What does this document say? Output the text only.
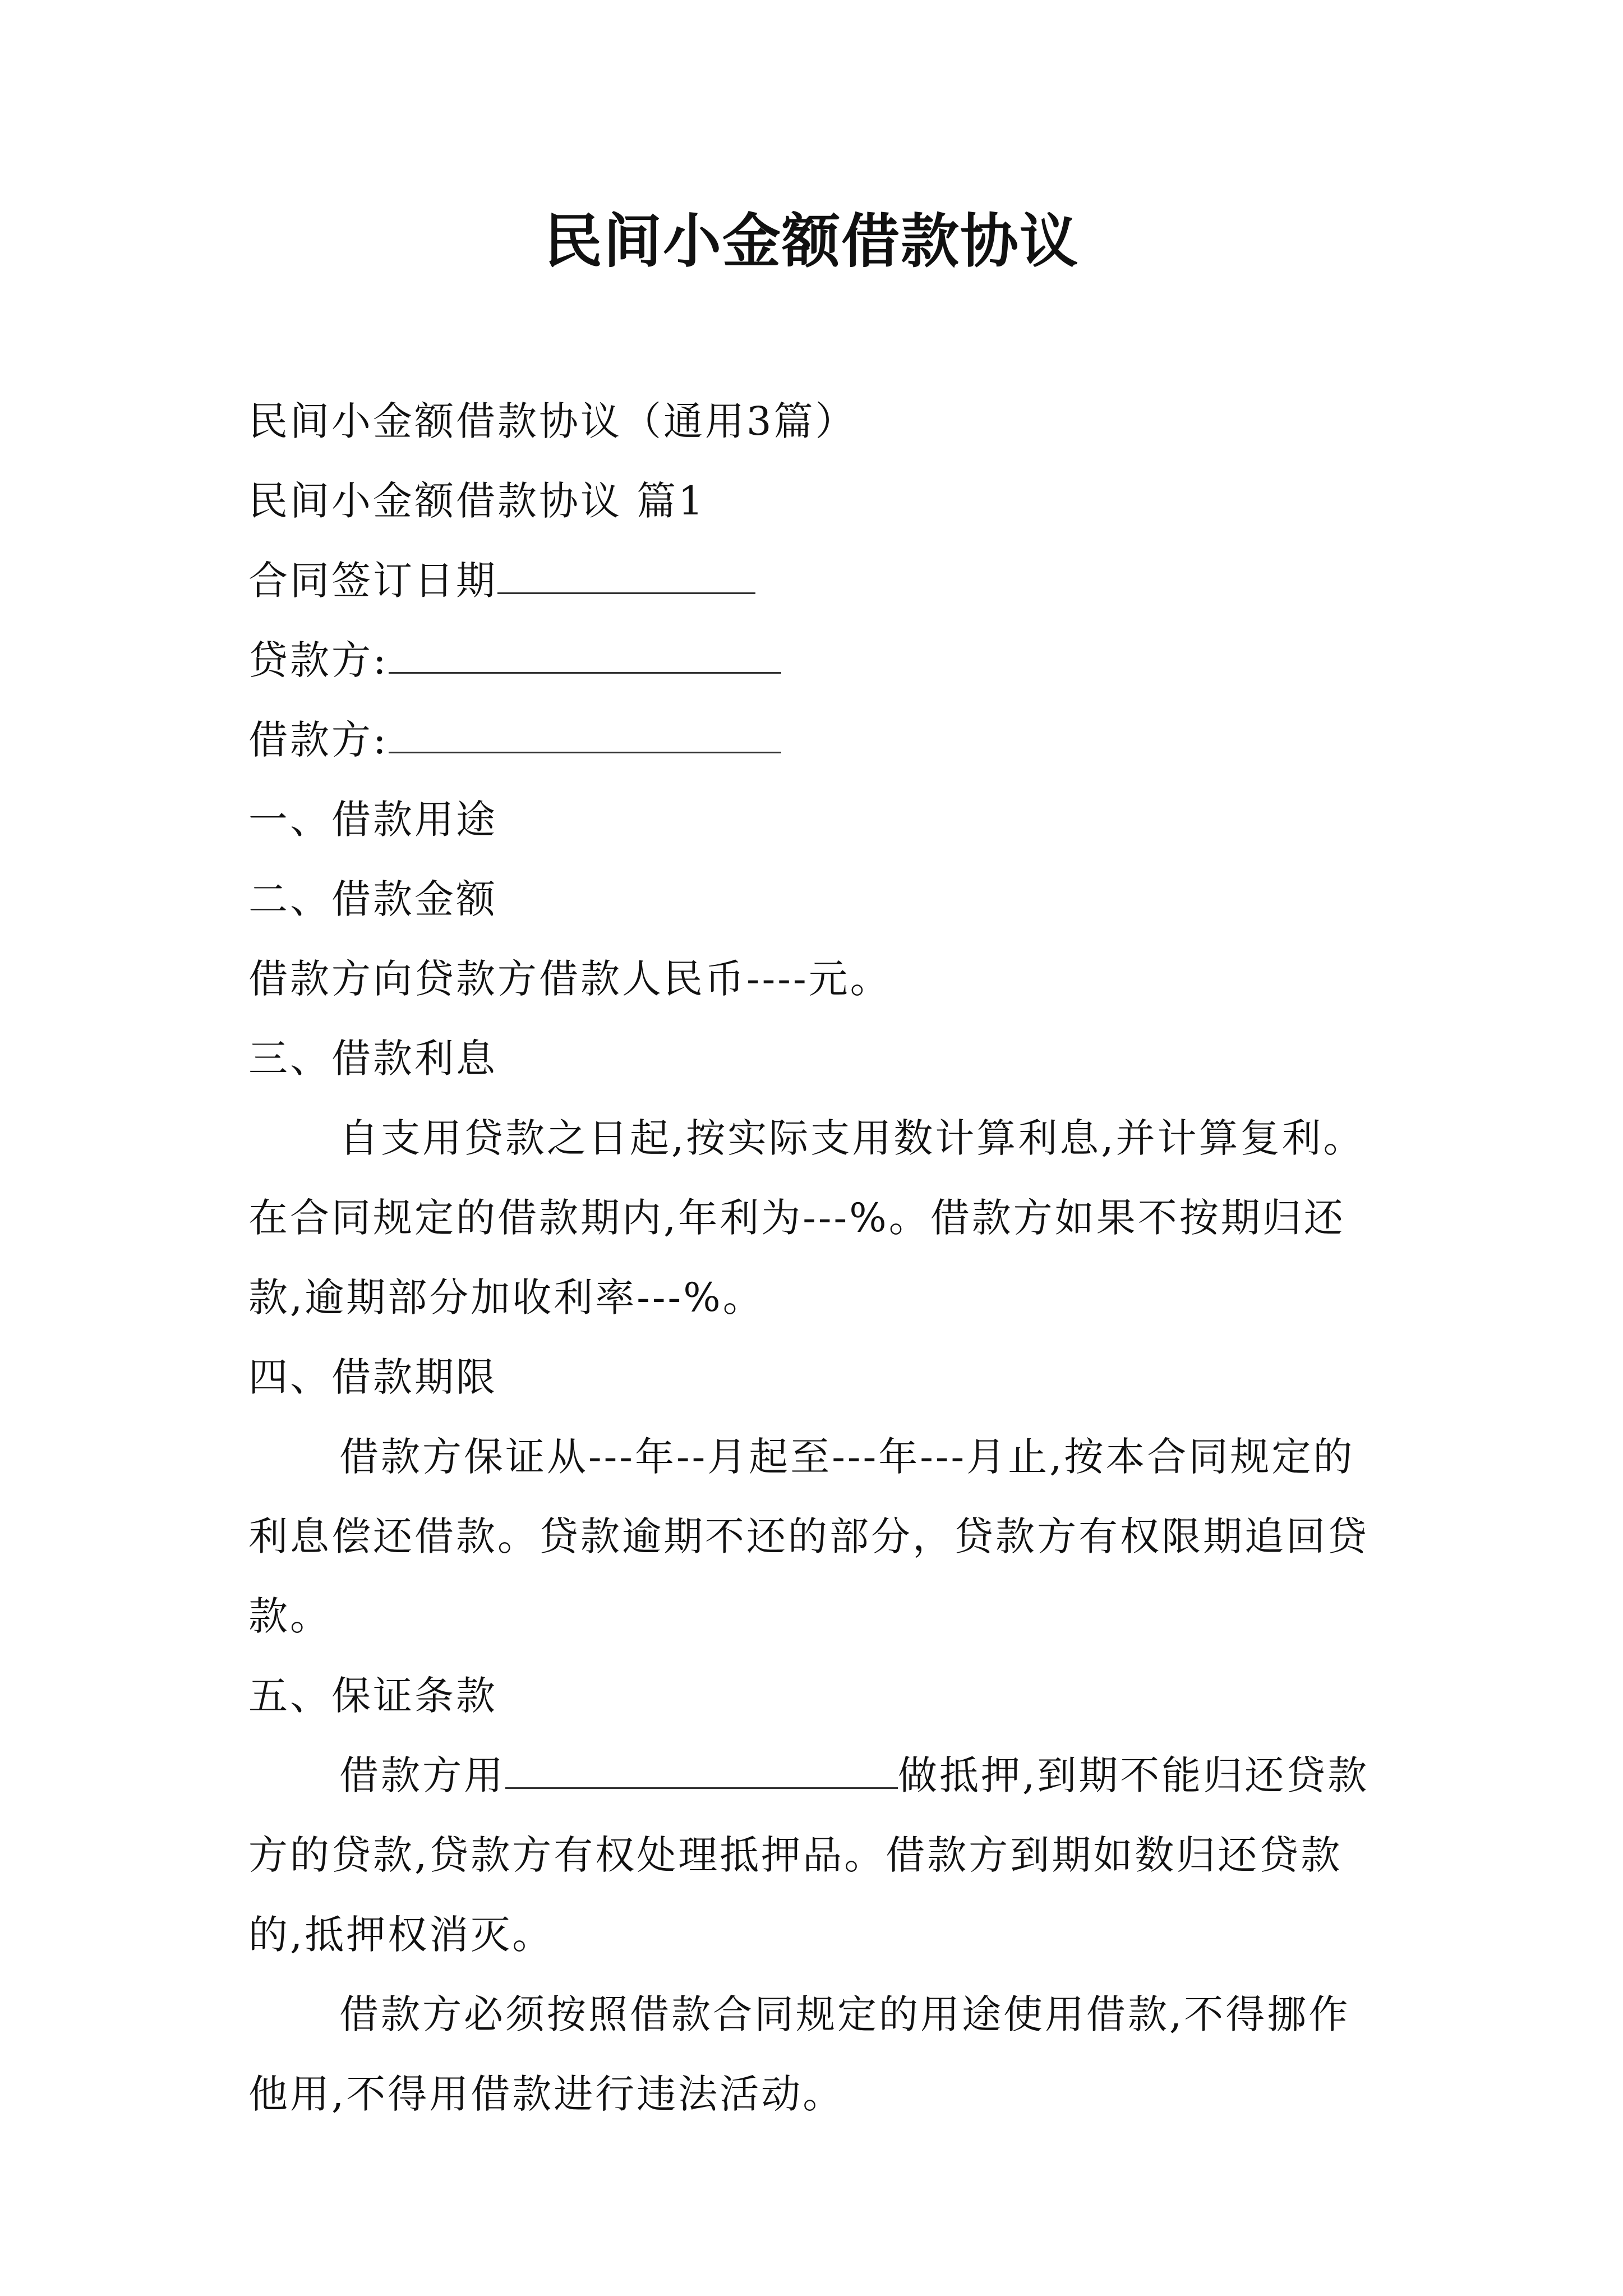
民间小金额借款协议

民间小金额借款协议（通用3篇）

民间小金额借款协议 篇1

合同签订日期

贷款方:

借款方:

一、借款用途

二、借款金额

借款方向贷款方借款人民币----元。

三、借款利息

自支用贷款之日起,按实际支用数计算利息,并计算复利。在合同规定的借款期内,年利为---%。借款方如果不按期归还款,逾期部分加收利率---%。

四、借款期限

借款方保证从---年--月起至---年---月止,按本合同规定的利息偿还借款。贷款逾期不还的部分，贷款方有权限期追回贷款。

五、保证条款

借款方用	做抵押,到期不能归还贷款方的贷款,贷款方有权处理抵押品。借款方到期如数归还贷款的,抵押权消灭。

借款方必须按照借款合同规定的用途使用借款,不得挪作他用,不得用借款进行违法活动。
